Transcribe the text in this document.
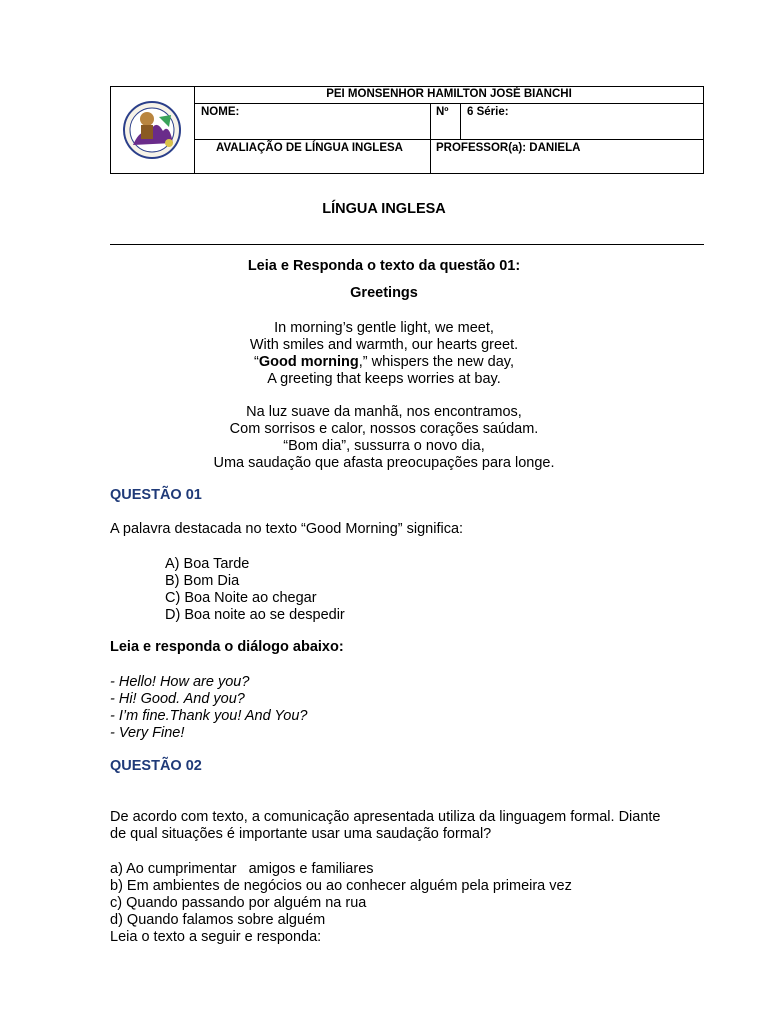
PEI MONSENHOR HAMILTON JOSÉ BIANCHI
NOME:	Nº 6 Série:
AVALIAÇÃO DE LÍNGUA INGLESA	PROFESSOR(a): DANIELA
LÍNGUA INGLESA
Leia e Responda o texto da questão 01:
Greetings
In morning’s gentle light, we meet,
With smiles and warmth, our hearts greet.
“Good morning,” whispers the new day,
A greeting that keeps worries at bay.
Na luz suave da manhã, nos encontramos,
Com sorrisos e calor, nossos corações saúdam.
“Bom dia”, sussurra o novo dia,
Uma saudação que afasta preocupações para longe.
QUESTÃO 01
A palavra destacada no texto “Good Morning” significa:
A) Boa Tarde
B) Bom Dia
C) Boa Noite ao chegar
D) Boa noite ao se despedir
Leia e responda o diálogo abaixo:
- Hello! How are you?
- Hi! Good. And you?
- I’m fine.Thank you! And You?
- Very Fine!
QUESTÃO 02
De acordo com texto, a comunicação apresentada utiliza da linguagem formal. Diante
de qual situações é importante usar uma saudação formal?
a) Ao cumprimentar   amigos e familiares
b) Em ambientes de negócios ou ao conhecer alguém pela primeira vez
c) Quando passando por alguém na rua
d) Quando falamos sobre alguém
Leia o texto a seguir e responda:
